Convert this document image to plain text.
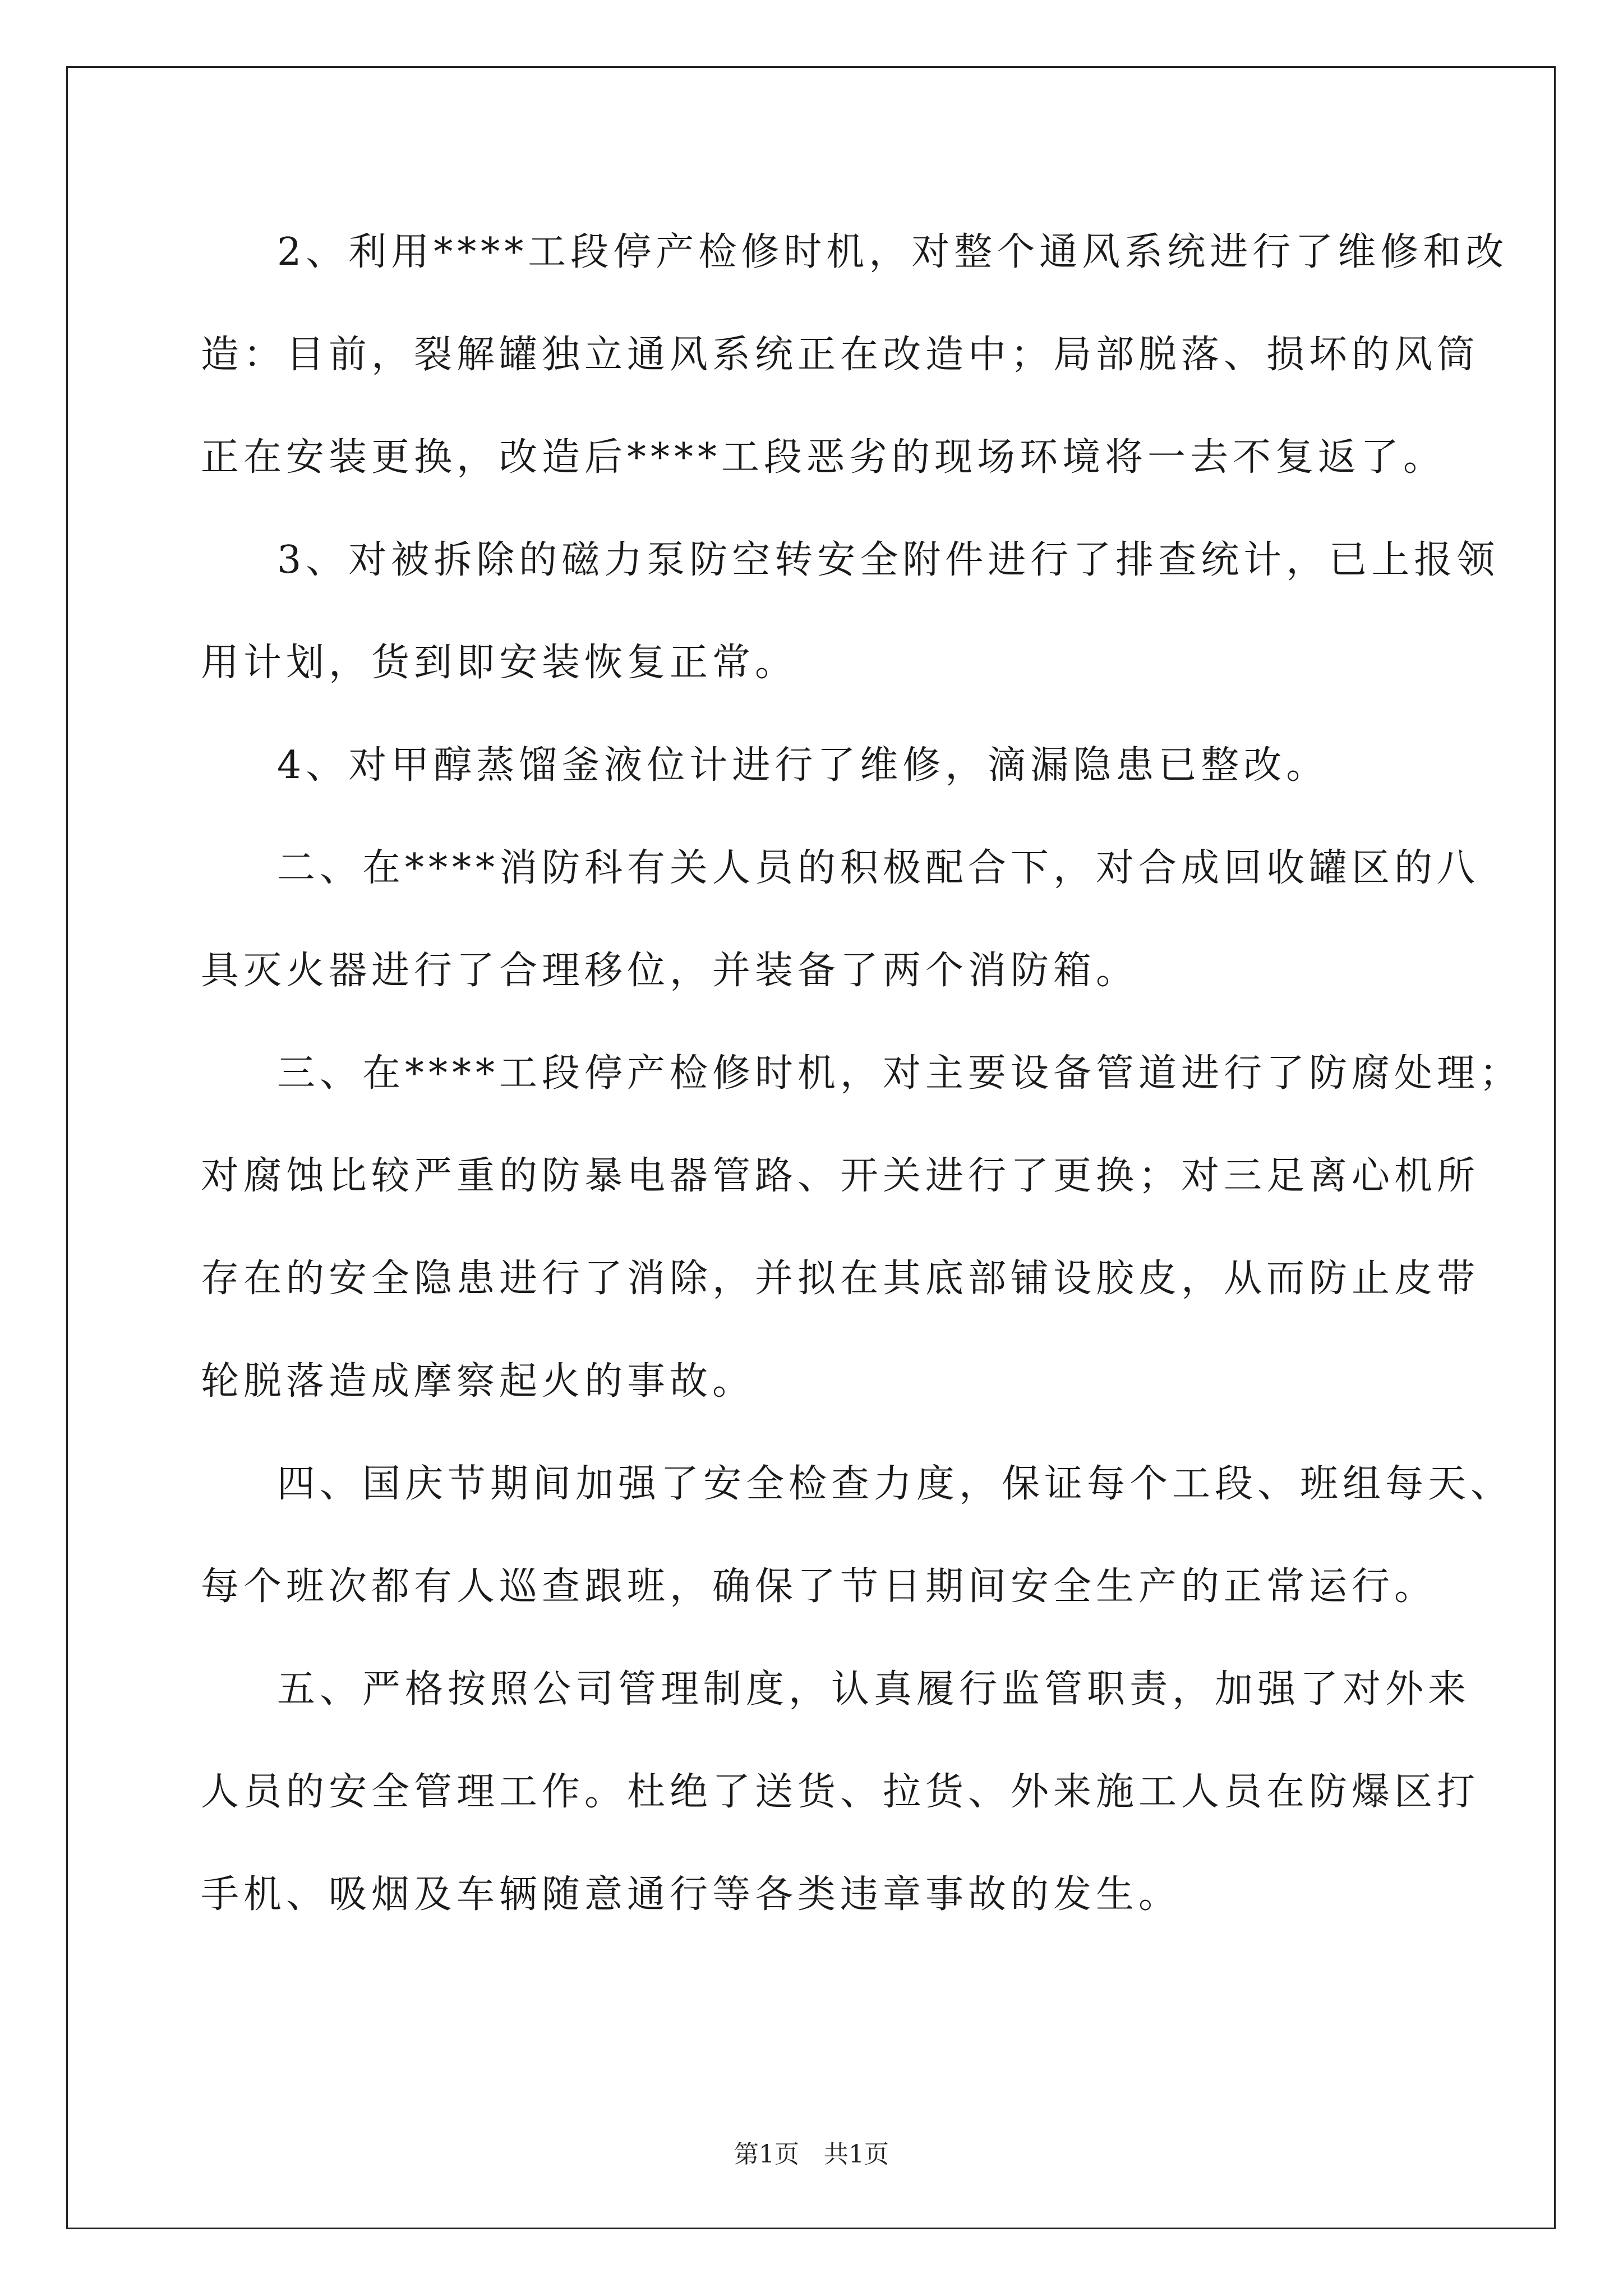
2、利用****工段停产检修时机，对整个通风系统进行了维修和改

造：目前，裂解罐独立通风系统正在改造中；局部脱落、损坏的风筒

正在安装更换，改造后****工段恶劣的现场环境将一去不复返了。

3、对被拆除的磁力泵防空转安全附件进行了排查统计，已上报领

用计划，货到即安装恢复正常。

4、对甲醇蒸馏釜液位计进行了维修，滴漏隐患已整改。

二、在****消防科有关人员的积极配合下，对合成回收罐区的八

具灭火器进行了合理移位，并装备了两个消防箱。

三、在****工段停产检修时机，对主要设备管道进行了防腐处理；

对腐蚀比较严重的防暴电器管路、开关进行了更换；对三足离心机所

存在的安全隐患进行了消除，并拟在其底部铺设胶皮，从而防止皮带

轮脱落造成摩察起火的事故。

四、国庆节期间加强了安全检查力度，保证每个工段、班组每天、

每个班次都有人巡查跟班，确保了节日期间安全生产的正常运行。

五、严格按照公司管理制度，认真履行监管职责，加强了对外来

人员的安全管理工作。杜绝了送货、拉货、外来施工人员在防爆区打

手机、吸烟及车辆随意通行等各类违章事故的发生。

第1页　共1页
